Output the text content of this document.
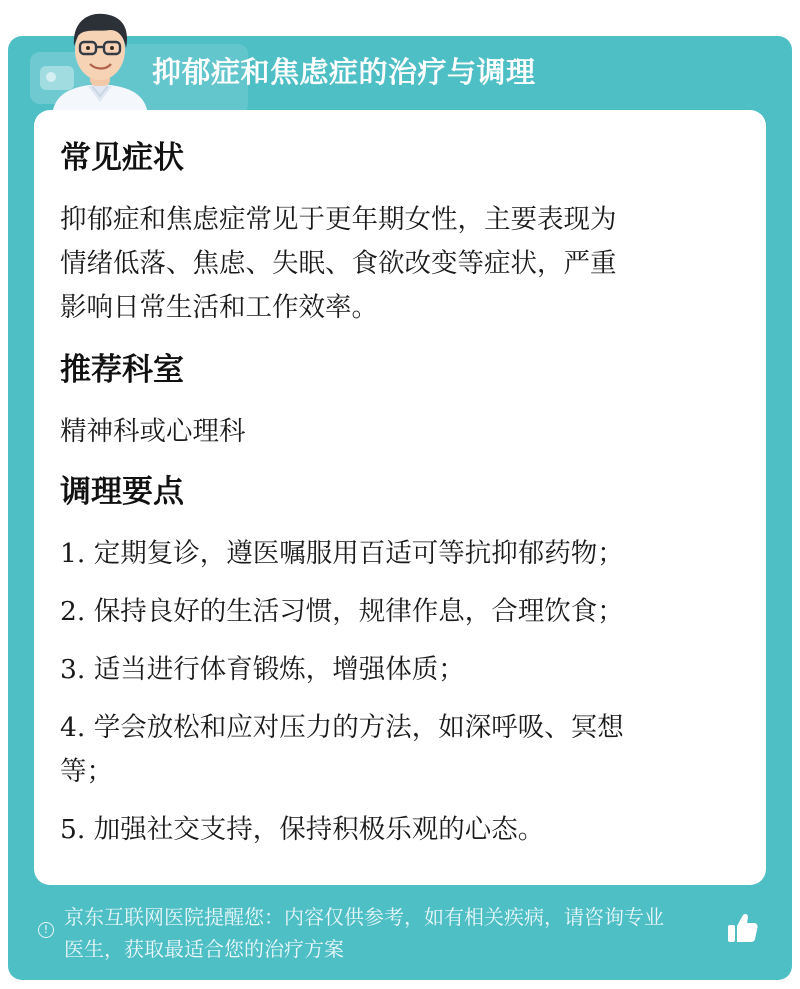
抑郁症和焦虑症的治疗与调理
常见症状

抑郁症和焦虑症常见于更年期女性，主要表现为
情绪低落、焦虑、失眠、食欲改变等症状，严重
影响日常生活和工作效率。

推荐科室

精神科或心理科

调理要点
1. 定期复诊，遵医嘱服用百适可等抗抑郁药物；
2. 保持良好的生活习惯，规律作息，合理饮食；
3. 适当进行体育锻炼，增强体质；
4. 学会放松和应对压力的方法，如深呼吸、冥想
等；
5. 加强社交支持，保持积极乐观的心态。
!
京东互联网医院提醒您：内容仅供参考，如有相关疾病，请咨询专业
医生，获取最适合您的治疗方案
